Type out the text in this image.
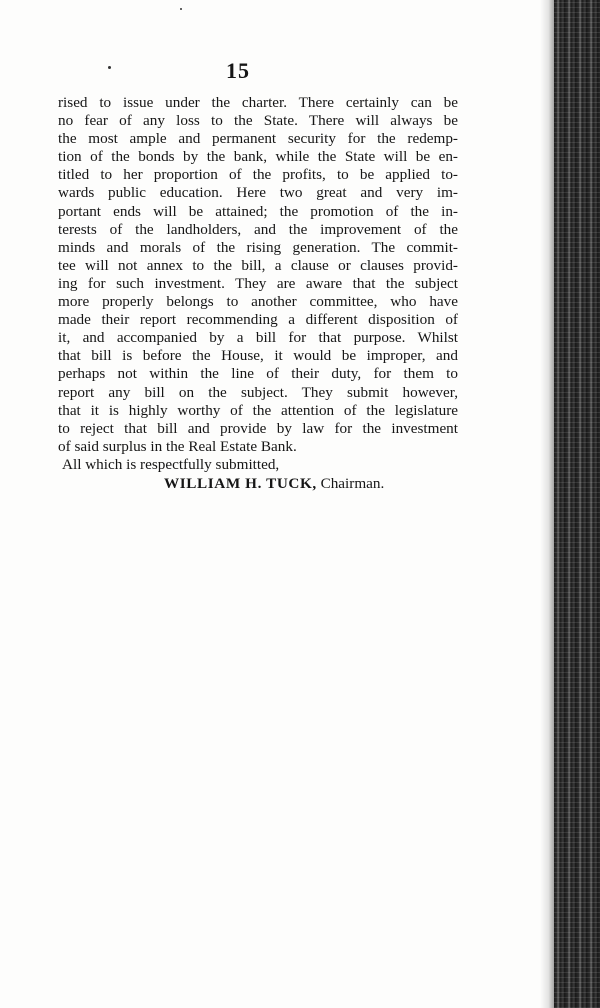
15
rised to issue under the charter. There certainly can be
no fear of any loss to the State. There will always be
the most ample and permanent security for the redemp-
tion of the bonds by the bank, while the State will be en-
titled to her proportion of the profits, to be applied to-
wards public education. Here two great and very im-
portant ends will be attained; the promotion of the in-
terests of the landholders, and the improvement of the
minds and morals of the rising generation. The commit-
tee will not annex to the bill, a clause or clauses provid-
ing for such investment. They are aware that the subject
more properly belongs to another committee, who have
made their report recommending a different disposition of
it, and accompanied by a bill for that purpose. Whilst
that bill is before the House, it would be improper, and
perhaps not within the line of their duty, for them to
report any bill on the subject. They submit however,
that it is highly worthy of the attention of the legislature
to reject that bill and provide by law for the investment
of said surplus in the Real Estate Bank.
All which is respectfully submitted,
WILLIAM H. TUCK, Chairman.
